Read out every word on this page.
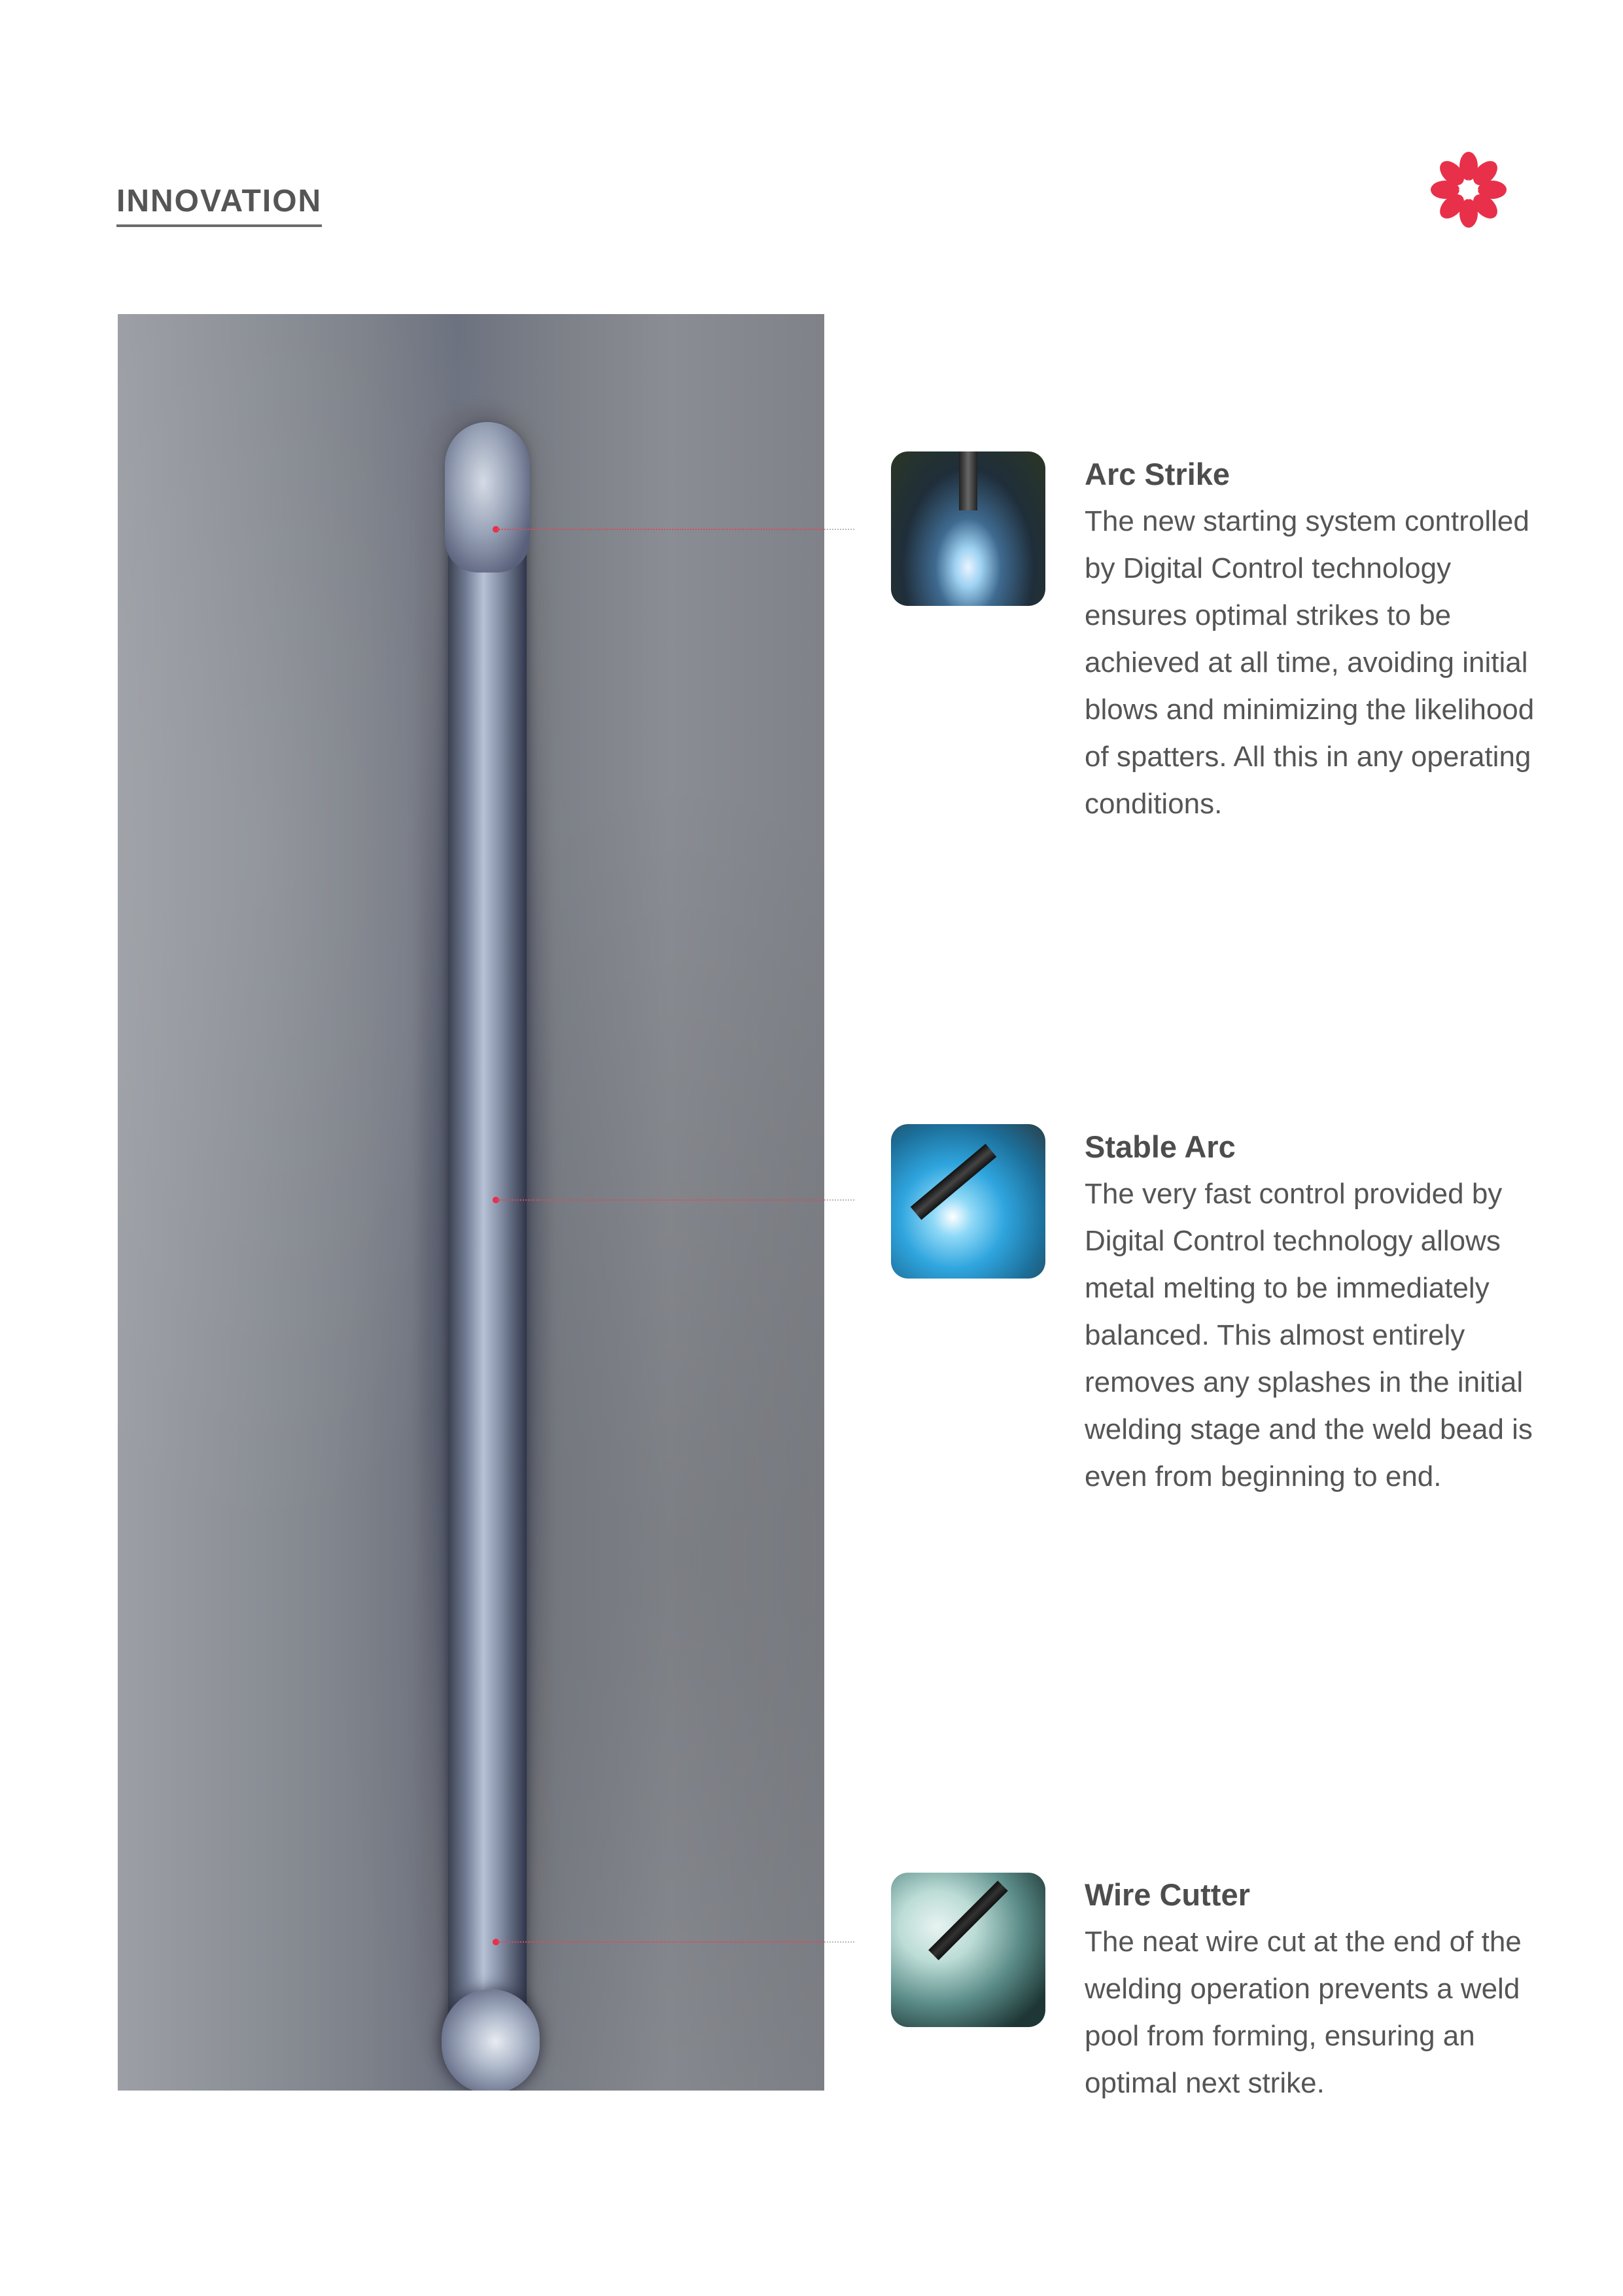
INNOVATION
Arc Strike

The new starting system controlled by Digital Control technology ensures optimal strikes to be achieved at all time, avoiding initial blows and minimizing the likelihood of spatters. All this in any operating conditions.

Stable Arc

The very fast control provided by Digital Control technology allows metal melting to be immediately balanced. This almost entirely removes any splashes in the initial welding stage and the weld bead is even from beginning to end.

Wire Cutter

The neat wire cut at the end of the welding operation prevents a weld pool from forming, ensuring an optimal next strike.
